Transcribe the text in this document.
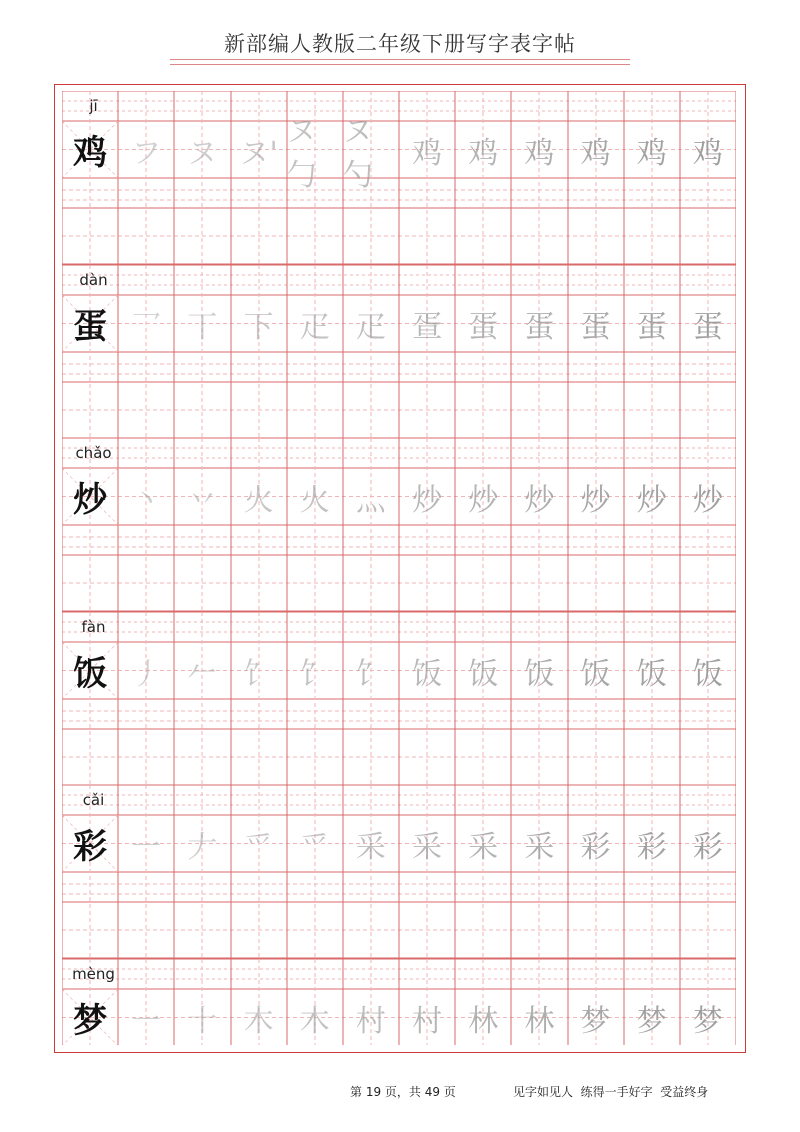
新部编人教版二年级下册写字表字帖
jī
鸡 フ ヌ ヌ'
ヌ勹
ヌ勺
鸡 鸡 鸡 鸡 鸡 鸡
dàn
蛋 乛 丅 下 疋 疋 疍 蛋 蛋 蛋 蛋 蛋
chǎo
炒 丶 丷 火 火 灬 炒 炒 炒 炒 炒 炒
fàn
饭 丿 𠂉 饣 饣 饣 饭 饭 饭 饭 饭 饭
cǎi
彩 一 𠂇 爫 爫 采 采 采 采 彩 彩 彩
mèng
梦 一 十 木 木 村 村 林 林 梦 梦 梦
第 19 页，共 49 页	见字如见人  练得一手好字  受益终身
